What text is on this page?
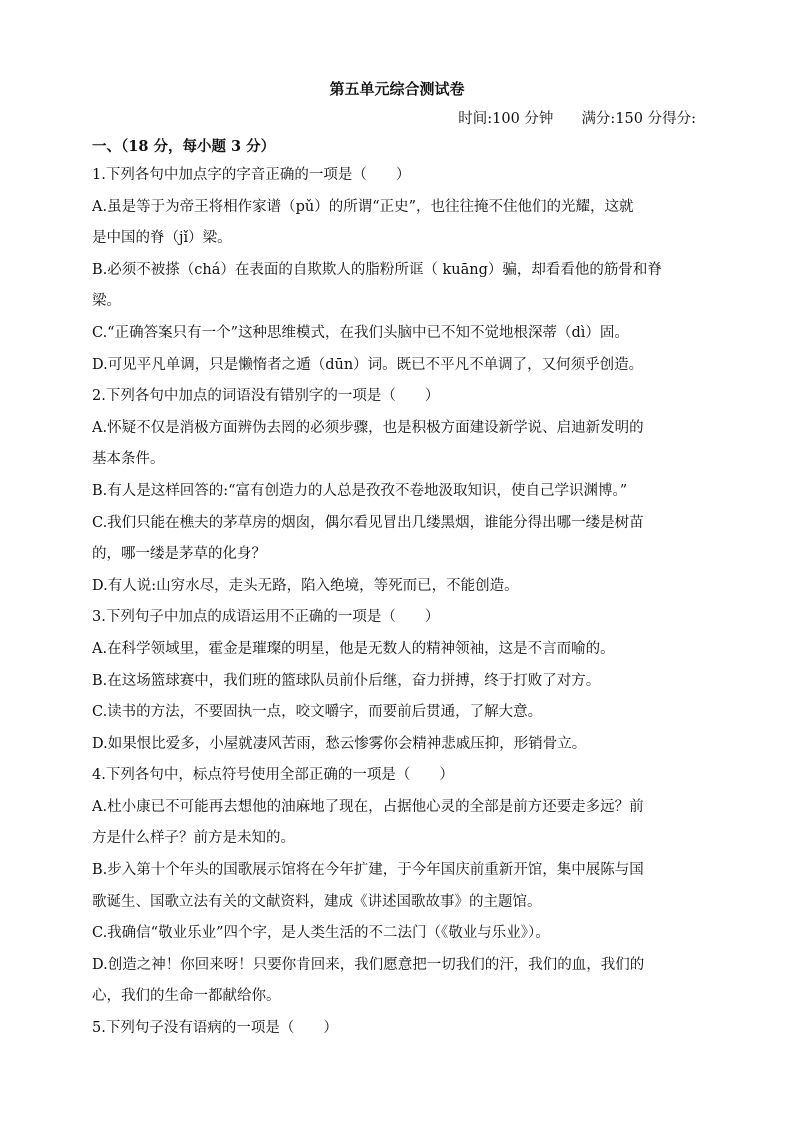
第五单元综合测试卷
时间:100 分钟 满分:150 分得分:
一、（18 分，每小题 3 分）

1.下列各句中加点字的字音正确的一项是（　　）

A.虽是等于为帝王将相作家谱（pǔ）的所谓“正史”，也往往掩不住他们的光耀，这就

是中国的脊（jǐ）梁。

B.必须不被搽（chá）在表面的自欺欺人的脂粉所诓（ kuāng）骗，却看看他的筋骨和脊

梁。

C.“正确答案只有一个”这种思维模式，在我们头脑中已不知不觉地根深蒂（dì）固。

D.可见平凡单调，只是懒惰者之遁（dūn）词。既已不平凡不单调了，又何须乎创造。

2.下列各句中加点的词语没有错别字的一项是（　　）

A.怀疑不仅是消极方面辨伪去罔的必须步骤，也是积极方面建设新学说、启迪新发明的

基本条件。

B.有人是这样回答的:“富有创造力的人总是孜孜不卷地汲取知识，使自己学识渊博。”

C.我们只能在樵夫的茅草房的烟囱，偶尔看见冒出几缕黑烟，谁能分得出哪一缕是树苗

的，哪一缕是茅草的化身？

D.有人说:山穷水尽，走头无路，陷入绝境，等死而已，不能创造。

3.下列句子中加点的成语运用不正确的一项是（　　）

A.在科学领域里，霍金是璀璨的明星，他是无数人的精神领袖，这是不言而喻的。

B.在这场篮球赛中，我们班的篮球队员前仆后继，奋力拼搏，终于打败了对方。

C.读书的方法，不要固执一点，咬文嚼字，而要前后贯通，了解大意。

D.如果恨比爱多，小屋就凄风苦雨，愁云惨雾你会精神悲戚压抑，形销骨立。

4.下列各句中，标点符号使用全部正确的一项是（　　）

A.杜小康已不可能再去想他的油麻地了现在，占据他心灵的全部是前方还要走多远？前

方是什么样子？前方是未知的。

B.步入第十个年头的国歌展示馆将在今年扩建，于今年国庆前重新开馆，集中展陈与国

歌诞生、国歌立法有关的文献资料，建成《讲述国歌故事》的主题馆。

C.我确信“敬业乐业”四个字，是人类生活的不二法门（《敬业与乐业》）。

D.创造之神！你回来呀！只要你肯回来，我们愿意把一切我们的汗，我们的血，我们的

心，我们的生命一都献给你。

5.下列句子没有语病的一项是（　　）
